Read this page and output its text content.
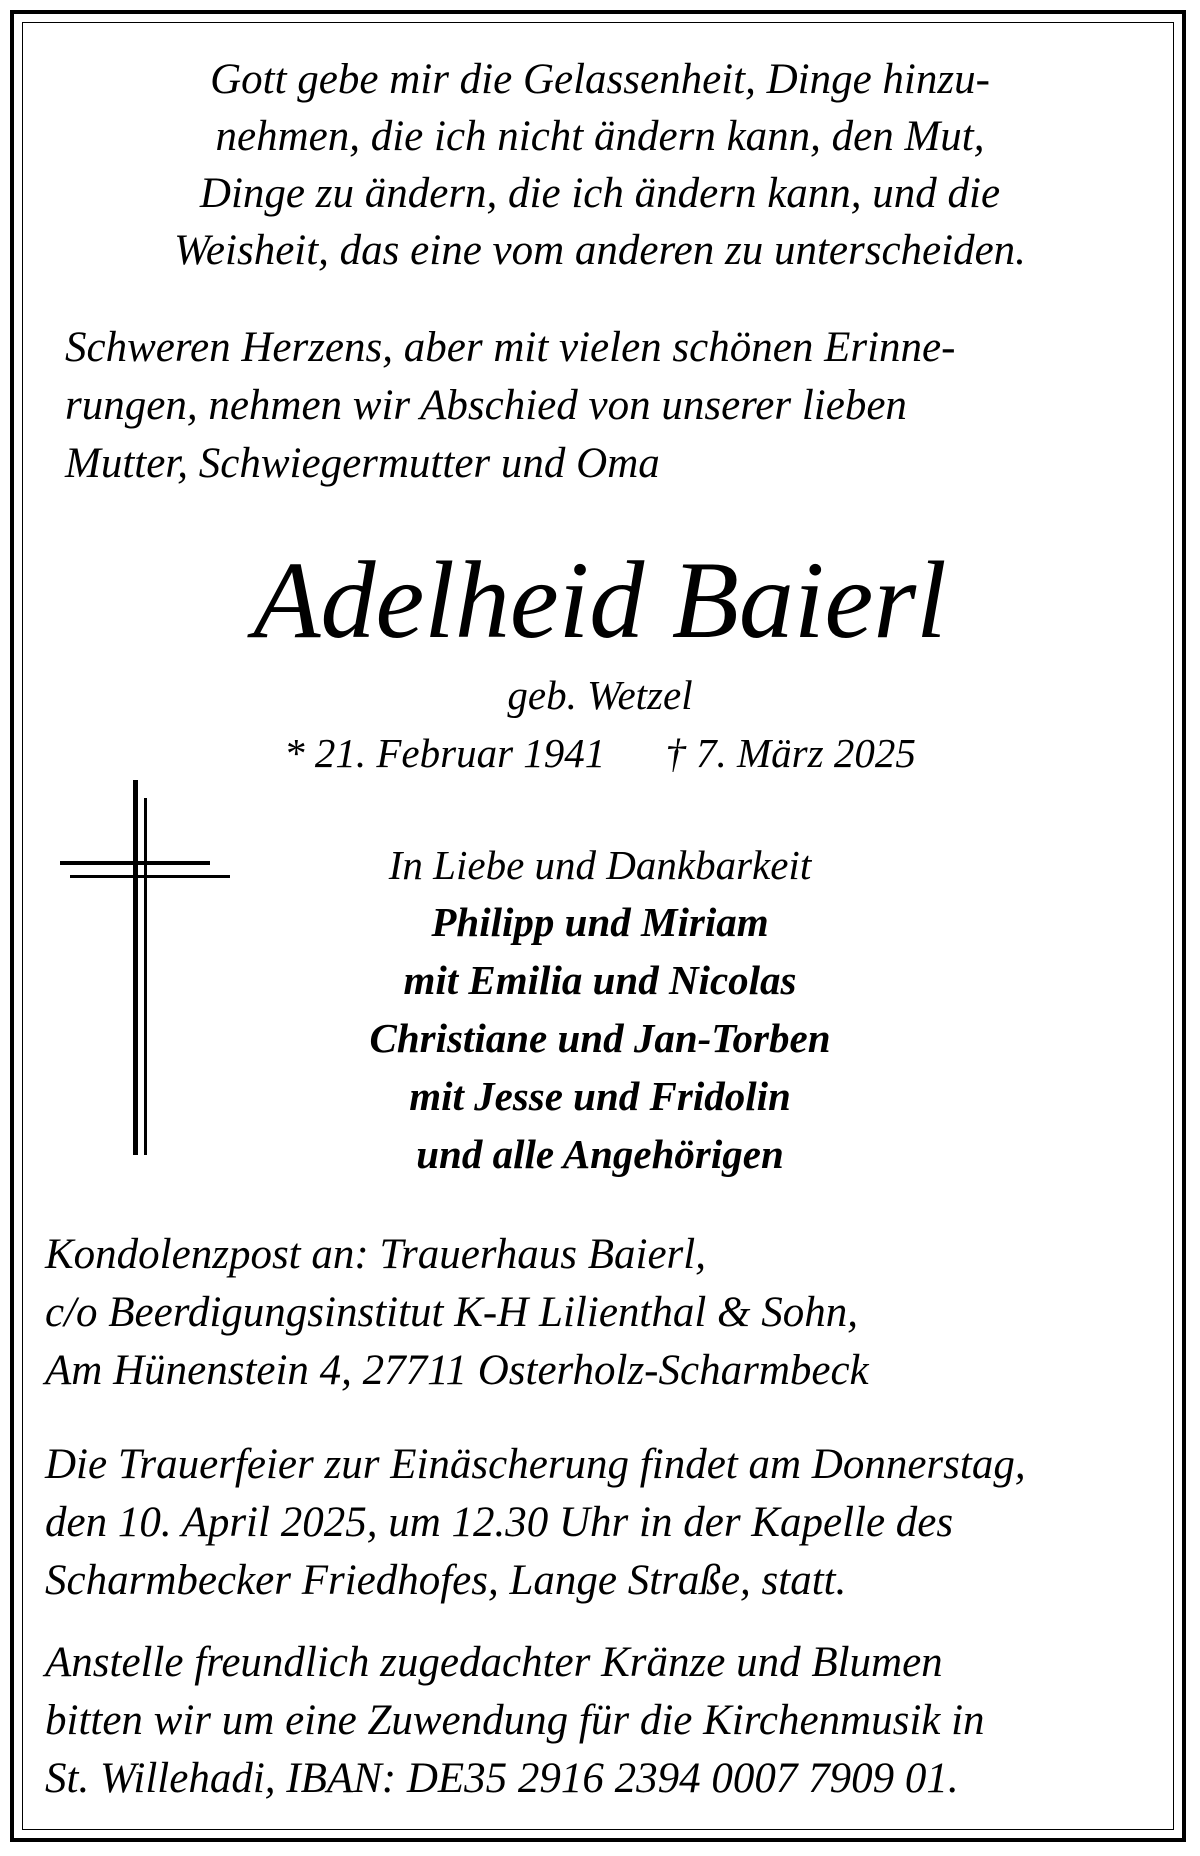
Gott gebe mir die Gelassenheit, Dinge hinzu-
nehmen, die ich nicht ändern kann, den Mut,
Dinge zu ändern, die ich ändern kann, und die
Weisheit, das eine vom anderen zu unterscheiden.
Schweren Herzens, aber mit vielen schönen Erinne-
rungen, nehmen wir Abschied von unserer lieben
Mutter, Schwiegermutter und Oma
Adelheid Baierl
geb. Wetzel
* 21. Februar 1941 † 7. März 2025
In Liebe und Dankbarkeit
Philipp und Miriam
mit Emilia und Nicolas
Christiane und Jan-Torben
mit Jesse und Fridolin
und alle Angehörigen
Kondolenzpost an: Trauerhaus Baierl,
c/o Beerdigungsinstitut K-H Lilienthal & Sohn,
Am Hünenstein 4, 27711 Osterholz-Scharmbeck
Die Trauerfeier zur Einäscherung findet am Donnerstag,
den 10. April 2025, um 12.30 Uhr in der Kapelle des
Scharmbecker Friedhofes, Lange Straße, statt.
Anstelle freundlich zugedachter Kränze und Blumen
bitten wir um eine Zuwendung für die Kirchenmusik in
St. Willehadi, IBAN: DE35 2916 2394 0007 7909 01.
